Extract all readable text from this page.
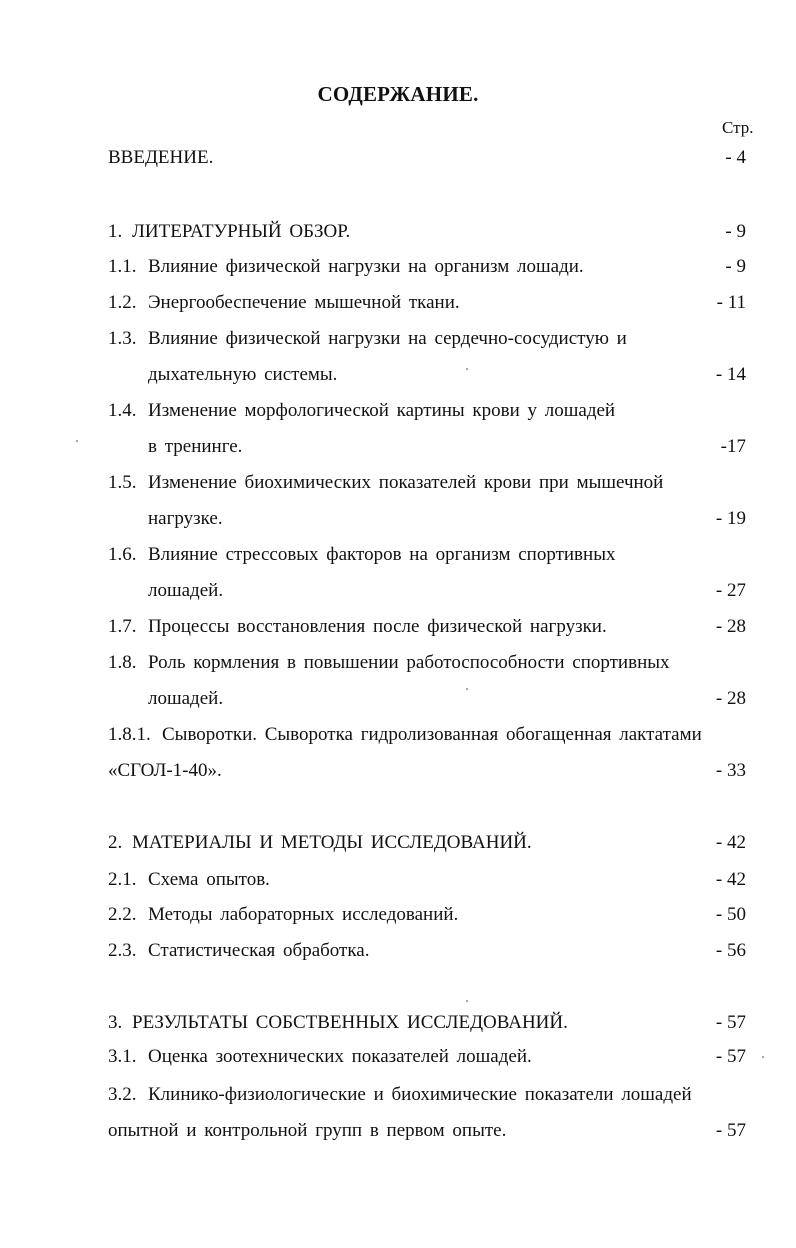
СОДЕРЖАНИЕ.
Стр.
ВВЕДЕНИЕ.	- 4
1. ЛИТЕРАТУРНЫЙ ОБЗОР.	- 9
1.1. Влияние физической нагрузки на организм лошади.	- 9
1.2. Энергообеспечение мышечной ткани.	- 11
1.3. Влияние физической нагрузки на сердечно-сосудистую и
дыхательную системы.	- 14
1.4. Изменение морфологической картины крови у лошадей
в тренинге.	-17
1.5. Изменение биохимических показателей крови при мышечной
нагрузке.	- 19
1.6. Влияние стрессовых факторов на организм спортивных
лошадей.	- 27
1.7. Процессы восстановления после физической нагрузки.	- 28
1.8. Роль кормления в повышении работоспособности спортивных
лошадей.	- 28
1.8.1. Сыворотки. Сыворотка гидролизованная обогащенная лактатами
«СГОЛ-1-40».	- 33
2. МАТЕРИАЛЫ И МЕТОДЫ ИССЛЕДОВАНИЙ.	- 42
2.1. Схема опытов.	- 42
2.2. Методы лабораторных исследований.	- 50
2.3. Статистическая обработка.	- 56
3. РЕЗУЛЬТАТЫ СОБСТВЕННЫХ ИССЛЕДОВАНИЙ.	- 57
3.1. Оценка зоотехнических показателей лошадей.	- 57
3.2. Клинико-физиологические и биохимические показатели лошадей
опытной и контрольной групп в первом опыте.	- 57
